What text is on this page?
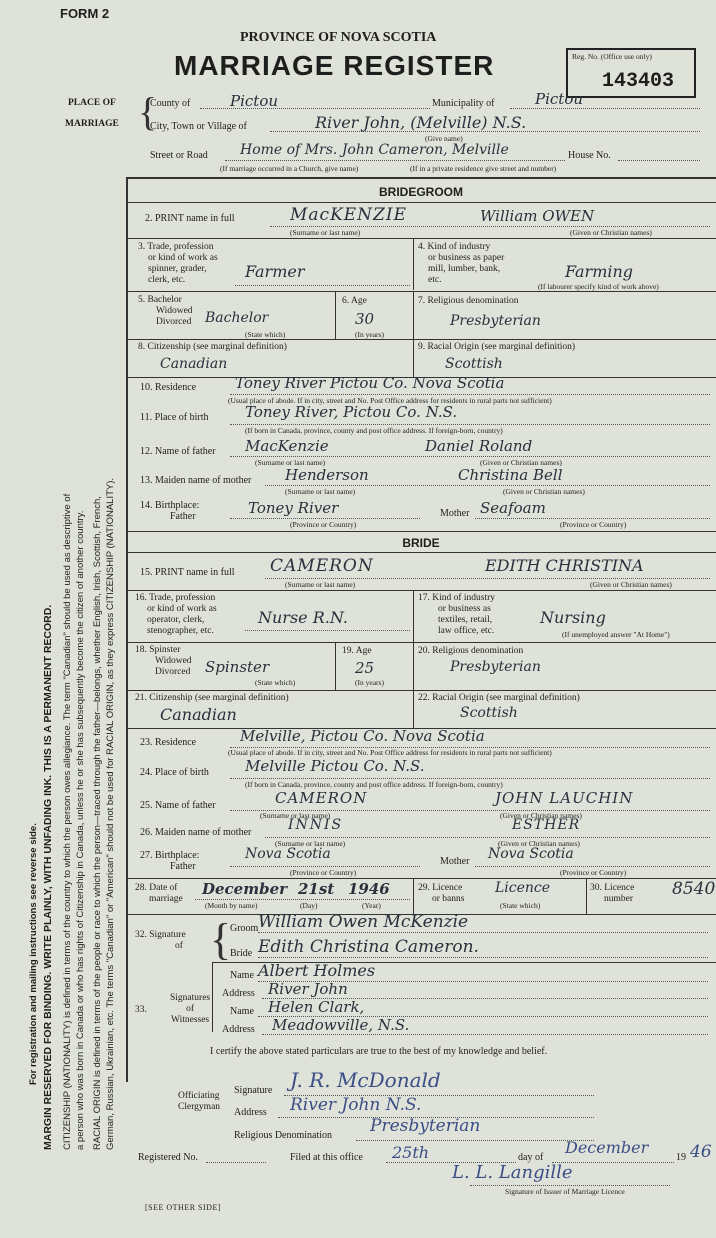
For registration and mailing instructions see reverse side. MARGIN RESERVED FOR BINDING. WRITE PLAINLY, WITH UNFADING INK. THIS IS A PERMANENT RECORD. CITIZENSHIP (NATIONALITY) is defined in terms of the country to which the person owes allegiance. The term "Canadian" should be used as descriptive of a person who was born in Canada or who has rights of Citizenship in Canada, unless he or she has subsequently become the citizen of another country. RACIAL ORIGIN is defined in terms of the people or race to which the person—traced through the father—belongs, whether English, Irish, Scottish, French, German, Russian, Ukrainian, etc. The terms "Canadian" or "American" should not be used for RACIAL ORIGIN, as they express CITIZENSHIP (NATIONALITY).
FORM 2
PROVINCE OF NOVA SCOTIA
MARRIAGE REGISTER	Reg. No. (Office use only)
143403
PLACE OF
MARRIAGE {
County of	Pictou	Municipality of	Pictou
City, Town or Village of	River John, (Melville) N.S.
(Give name)
Street or Road Home of Mrs. John Cameron, Melville	House No.
(If marriage occurred in a Church, give name)	(If in a private residence give street and number)
BRIDEGROOM
2. PRINT name in full	MacKENZIE	William OWEN
(Surname or last name)	(Given or Christian names)
3. Trade, profession
or kind of work as
spinner, grader,
clerk, etc.	Farmer
4. Kind of industry
or business as paper
mill, lumber, bank,
etc.	Farming
(If labourer specify kind of work above)
5. Bachelor
Widowed
Divorced Bachelor
(State which)
6. Age
30
(In years)
7. Religious denomination
Presbyterian
8. Citizenship (see marginal definition)
Canadian
9. Racial Origin (see marginal definition)
Scottish
10. Residence	Toney River Pictou Co. Nova Scotia
(Usual place of abode. If in city, street and No. Post Office address for residents in rural parts not sufficient)
11. Place of birth Toney River, Pictou Co. N.S.
(If born in Canada, province, county and post office address. If foreign-born, country)
12. Name of father MacKenzie	Daniel Roland
(Surname or last name)	(Given or Christian names)
13. Maiden name of mother Henderson	Christina Bell
(Surname or last name)	(Given or Christian names)
14. Birthplace:
Father	Toney River
(Province or Country)
Mother Seafoam
(Province or Country)
BRIDE
15. PRINT name in full CAMERON	EDITH CHRISTINA
(Surname or last name)	(Given or Christian names)
16. Trade, profession
or kind of work as
operator, clerk,
stenographer, etc.
Nurse R.N.
17. Kind of industry
or business as
textiles, retail,
law office, etc.
Nursing
(If unemployed answer "At Home")
18. Spinster
Widowed
Divorced Spinster
(State which)
19. Age
25
(In years)
20. Religious denomination
Presbyterian
21. Citizenship (see marginal definition)
Canadian
22. Racial Origin (see marginal definition)
Scottish
23. Residence	Melville, Pictou Co. Nova Scotia
(Usual place of abode. If in city, street and No. Post Office address for residents in rural parts not sufficient)
24. Place of birth Melville Pictou Co. N.S.
(If born in Canada, province, county and post office address. If foreign-born, country)
25. Name of father	CAMERON	JOHN LAUCHIN
(Surname or last name)	(Given or Christian names)
26. Maiden name of mother	INNIS	ESTHER
(Surname or last name)	(Given or Christian names)
27. Birthplace:
Father
Nova Scotia
(Province or Country)
Mother Nova Scotia
(Province or Country)
28. Date of
marriage
December 21st 1946
(Month by name)	(Day)	(Year)
29. Licence
or banns
Licence
(State which)
30. Licence
number 8540
32. Signature
of {
Groom William Owen McKenzie
Bride Edith Christina Cameron.
33.
Signatures
of
Witnesses
Name Albert Holmes
Address River John
Name Helen Clark,
Address Meadowville, N.S.
I certify the above stated particulars are true to the best of my knowledge and belief.
Officiating
Clergyman
Signature J. R. McDonald
Address River John N.S.
Religious Denomination Presbyterian
Registered No.	Filed at this office 25th	day of
December
19 46
L. L. Langille
Signature of Issuer of Marriage Licence
[SEE OTHER SIDE]
